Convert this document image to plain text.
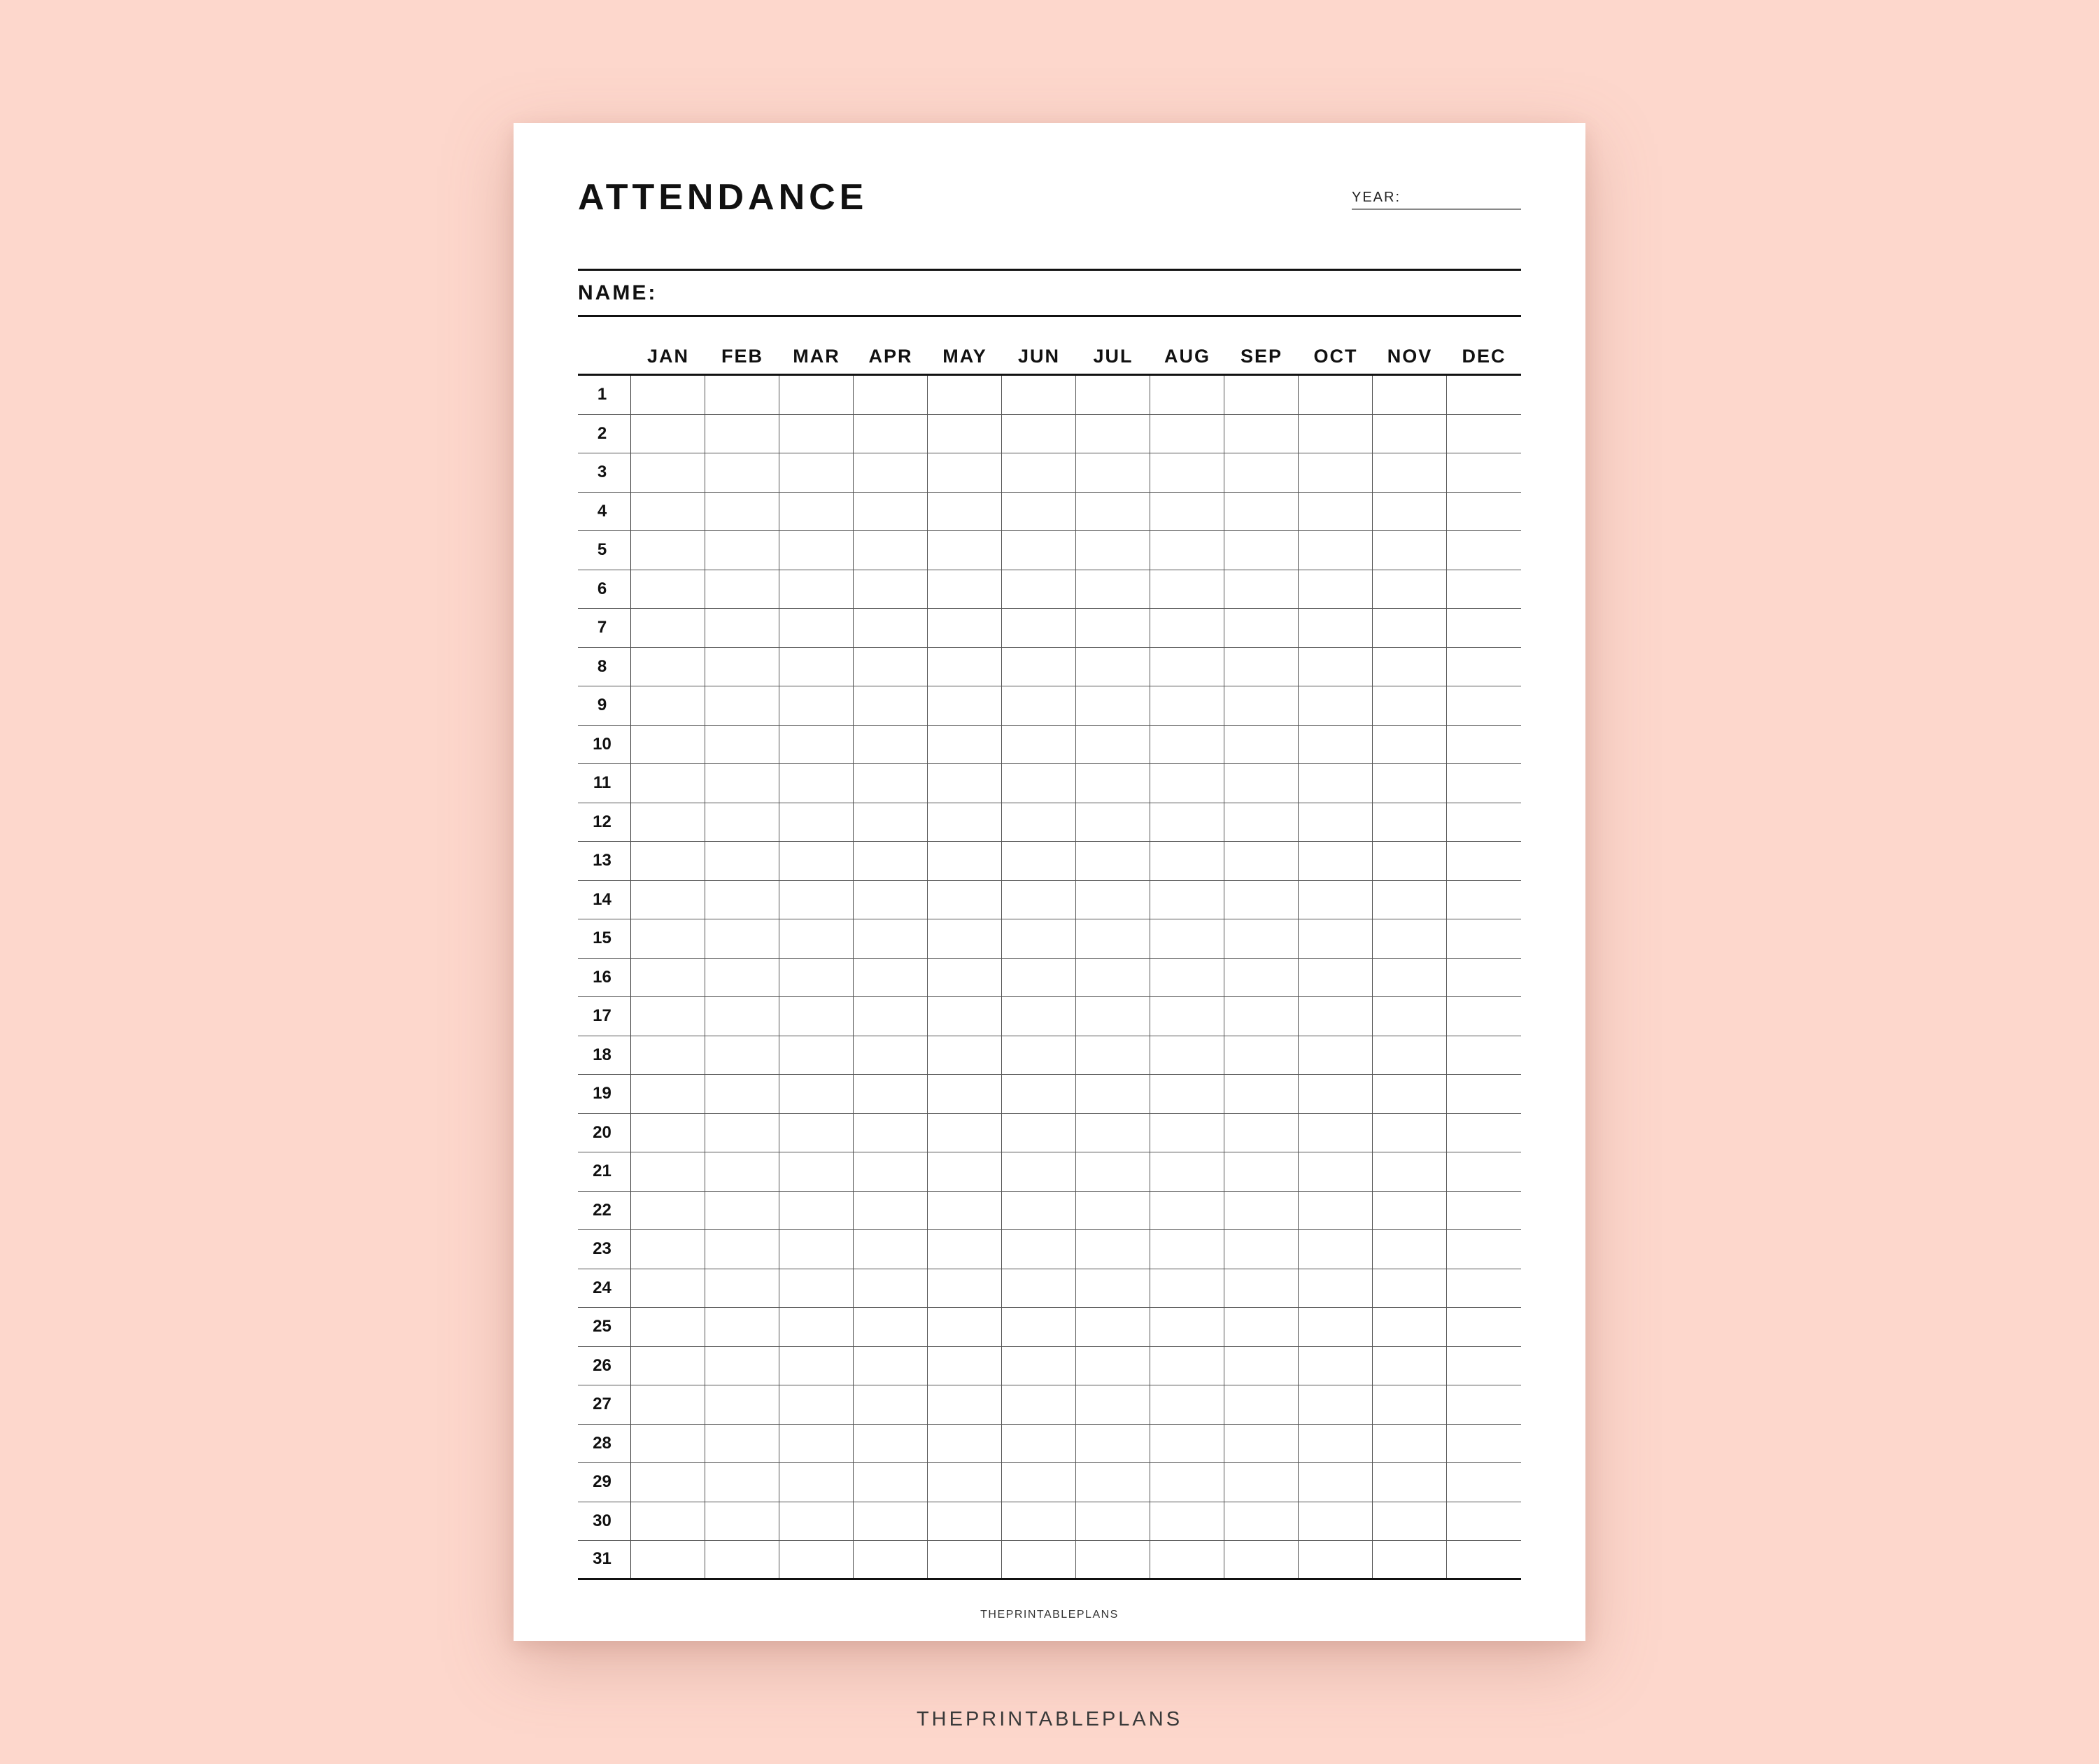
ATTENDANCE	YEAR:
NAME:
JAN	FEB	MAR	APR	MAY	JUN	JUL	AUG	SEP	OCT	NOV	DEC
1
2
3
4
5
6
7
8
9
10
11
12
13
14
15
16
17
18
19
20
21
22
23
24
25
26
27
28
29
30
31
THEPRINTABLEPLANS
THEPRINTABLEPLANS
